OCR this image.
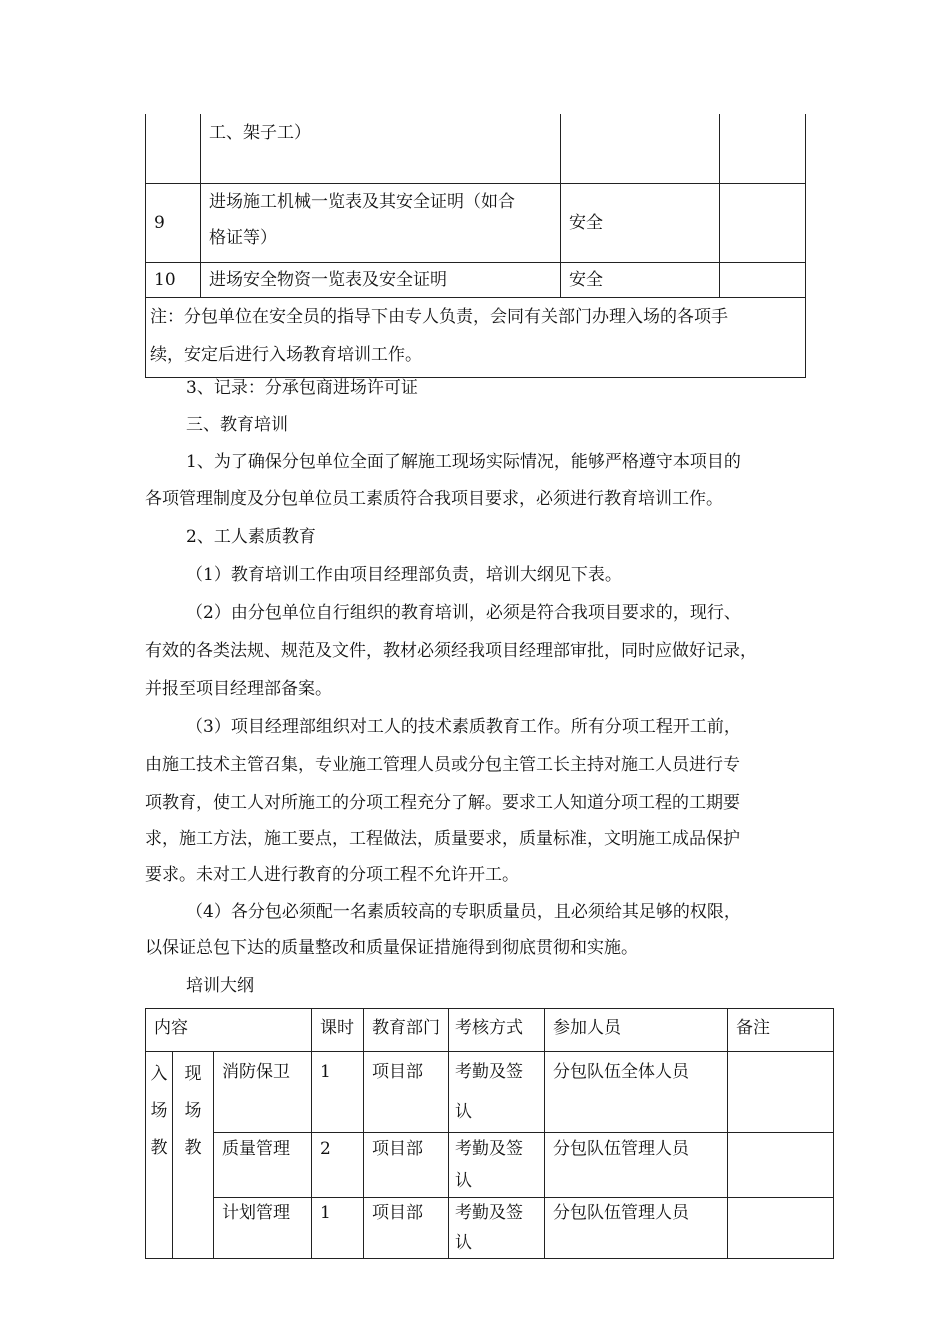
	工、架子工）		

9	进场施工机械一览表及其安全证明（如合
格证等）	安全	

10	进场安全物资一览表及安全证明	安全	

注：分包单位在安全员的指导下由专人负责，会同有关部门办理入场的各项手
续，安定后进行入场教育培训工作。			
3、记录：分承包商进场许可证
三、教育培训
1、为了确保分包单位全面了解施工现场实际情况，能够严格遵守本项目的
各项管理制度及分包单位员工素质符合我项目要求，必须进行教育培训工作。
2、工人素质教育
（1）教育培训工作由项目经理部负责，培训大纲见下表。
（2）由分包单位自行组织的教育培训，必须是符合我项目要求的，现行、
有效的各类法规、规范及文件，教材必须经我项目经理部审批，同时应做好记录，
并报至项目经理部备案。
（3）项目经理部组织对工人的技术素质教育工作。所有分项工程开工前，
由施工技术主管召集，专业施工管理人员或分包主管工长主持对施工人员进行专
项教育，使工人对所施工的分项工程充分了解。要求工人知道分项工程的工期要
求，施工方法，施工要点，工程做法，质量要求，质量标准，文明施工成品保护
要求。未对工人进行教育的分项工程不允许开工。
（4）各分包必须配一名素质较高的专职质量员，且必须给其足够的权限，
以保证总包下达的质量整改和质量保证措施得到彻底贯彻和实施。
培训大纲
内容			课时	教育部门	考核方式	参加人员	备注

入场教	现场教	消防保卫	1	项目部	考勤及签认	分包队伍全体人员	

		质量管理	2	项目部	考勤及签认	分包队伍管理人员	

		计划管理	1	项目部	考勤及签认	分包队伍管理人员	
